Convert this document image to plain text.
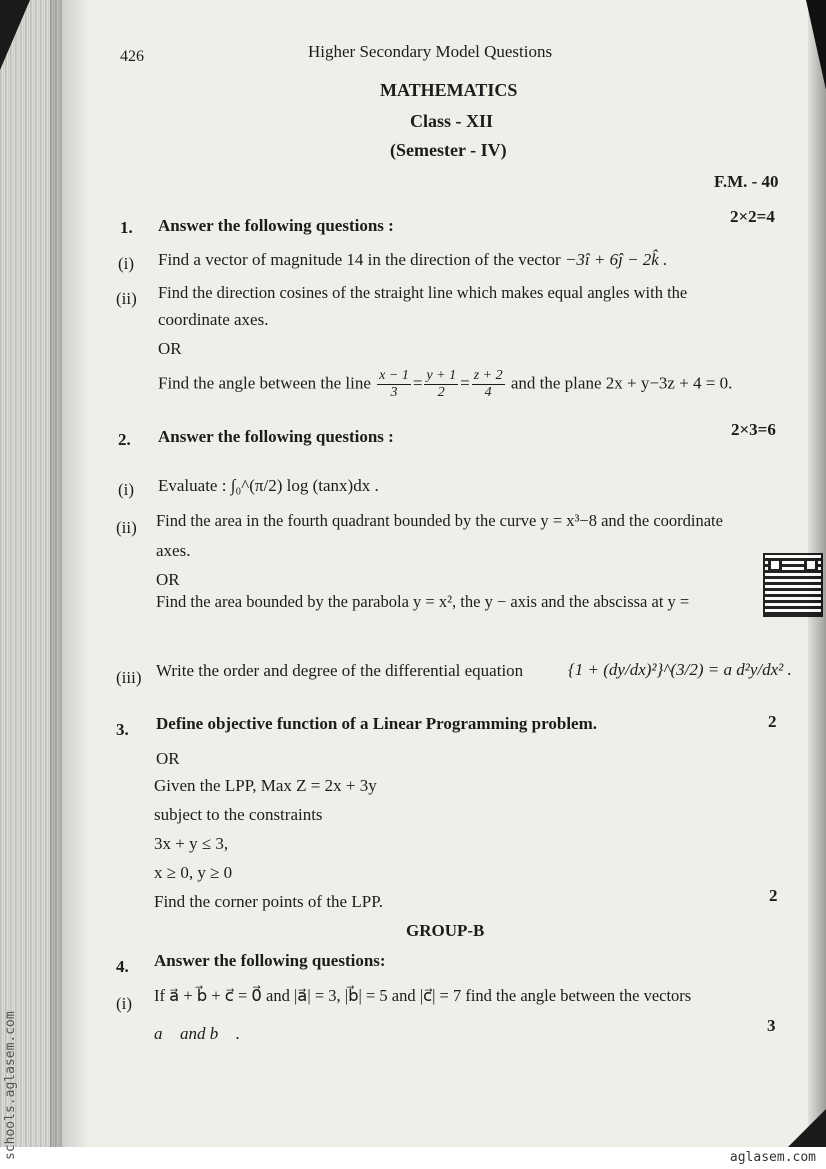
426	Higher Secondary Model Questions
MATHEMATICS
Class - XII
(Semester - IV)
F.M. - 40
1. Answer the following questions :	2×2=4
(i) Find a vector of magnitude 14 in the direction of the vector −3î + 6ĵ − 2k̂ .
(ii) Find the direction cosines of the straight line which makes equal angles with the
coordinate axes.
OR
Find the angle between the line $\frac{x - 1}{3} = \frac{y + 1}{2} = \frac{z + 2}{4}$ and the plane 2x + y−3z + 4 = 0.
2. Answer the following questions :	2×3=6
(i) Evaluate : ∫₀^(π/2) log (tanx)dx .
(ii) Find the area in the fourth quadrant bounded by the curve y = x³−8 and the coordinate
axes.
OR
Find the area bounded by the parabola y = x², the y − axis and the abscissa at y =
(iii) Write the order and degree of the differential equation	{1 + (dy/dx)²}^(3/2) = a d²y/dx² .
3. Define objective function of a Linear Programming problem.	2
OR
Given the LPP, Max Z = 2x + 3y
subject to the constraints
3x + y ≤ 3,
x ≥ 0, y ≥ 0
Find the corner points of the LPP.	2
GROUP-B
4. Answer the following questions:
(i) If a⃗ + b⃗ + c⃗ = 0⃗ and |a⃗| = 3, |b⃗| = 5 and |c⃗| = 7 find the angle between the vectors
a⃗ and b⃗ .	3
schools.aglasem.com	aglasem.com
